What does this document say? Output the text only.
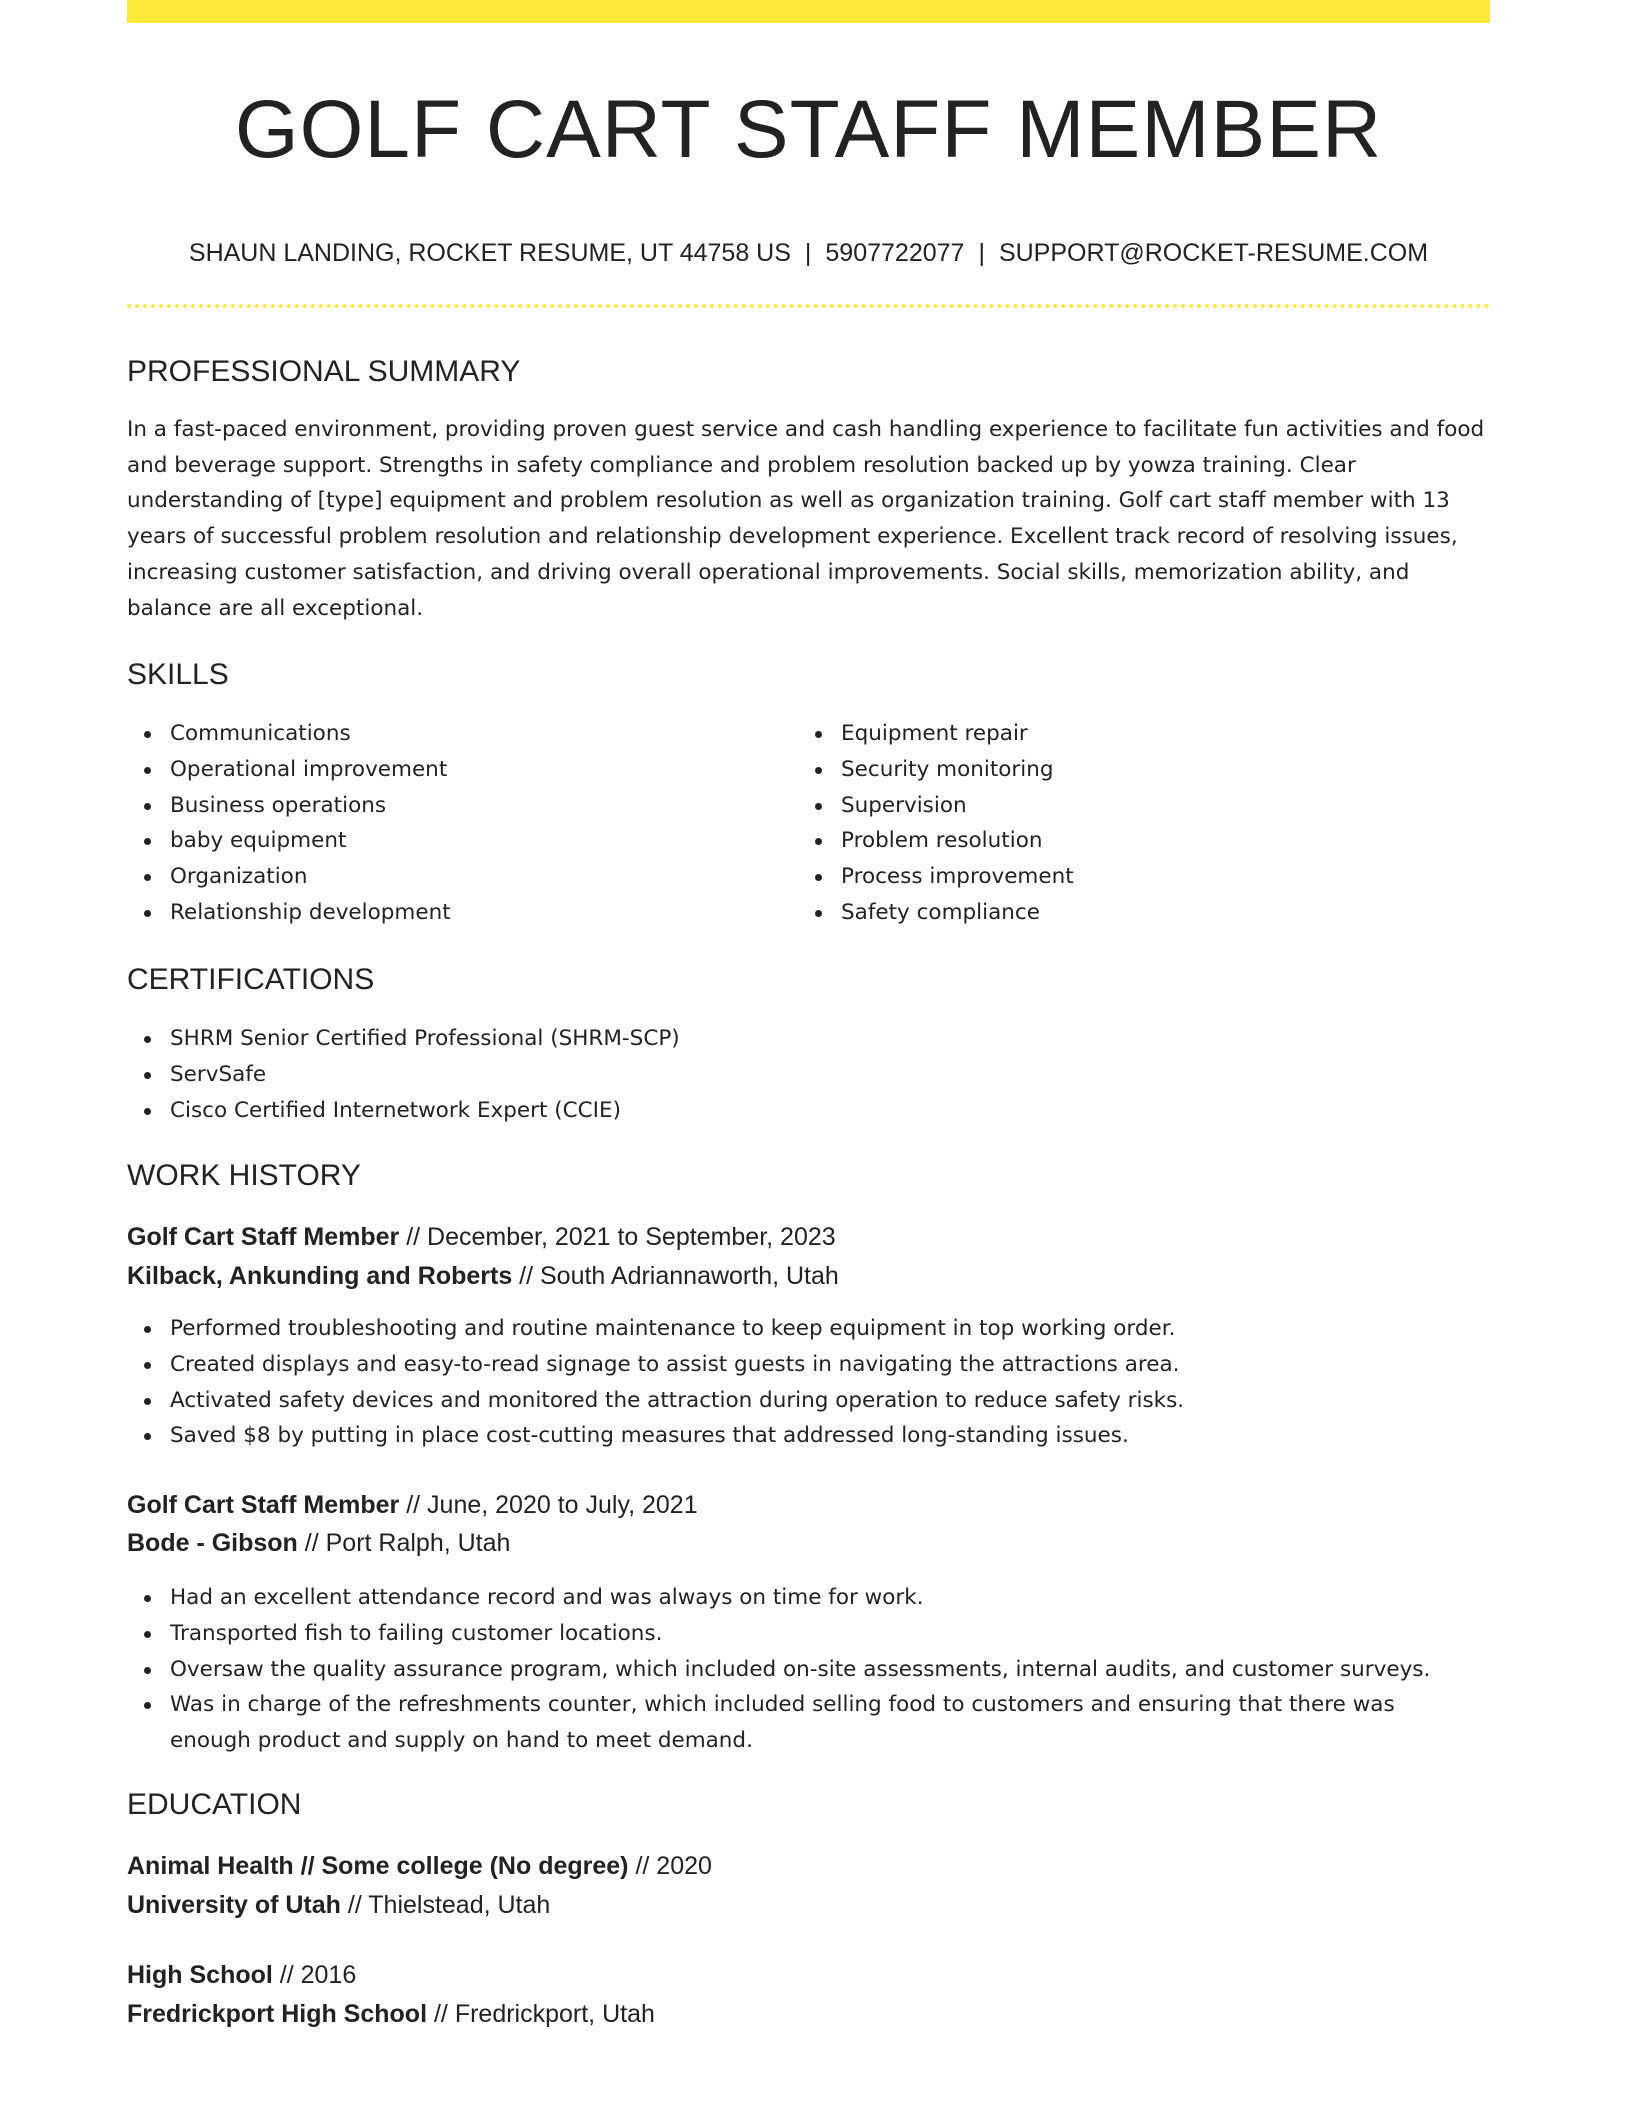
GOLF CART STAFF MEMBER
SHAUN LANDING, ROCKET RESUME, UT 44758 US | 5907722077 | SUPPORT@ROCKET-RESUME.COM
PROFESSIONAL SUMMARY
In a fast-paced environment, providing proven guest service and cash handling experience to facilitate fun activities and food
and beverage support. Strengths in safety compliance and problem resolution backed up by yowza training. Clear
understanding of [type] equipment and problem resolution as well as organization training. Golf cart staff member with 13
years of successful problem resolution and relationship development experience. Excellent track record of resolving issues,
increasing customer satisfaction, and driving overall operational improvements. Social skills, memorization ability, and
balance are all exceptional.
SKILLS
Communications
Operational improvement
Business operations
baby equipment
Organization
Relationship development
Equipment repair
Security monitoring
Supervision
Problem resolution
Process improvement
Safety compliance
CERTIFICATIONS
SHRM Senior Certified Professional (SHRM-SCP)
ServSafe
Cisco Certified Internetwork Expert (CCIE)
WORK HISTORY
Golf Cart Staff Member // December, 2021 to September, 2023
Kilback, Ankunding and Roberts // South Adriannaworth, Utah
Performed troubleshooting and routine maintenance to keep equipment in top working order.
Created displays and easy-to-read signage to assist guests in navigating the attractions area.
Activated safety devices and monitored the attraction during operation to reduce safety risks.
Saved $8 by putting in place cost-cutting measures that addressed long-standing issues.
Golf Cart Staff Member // June, 2020 to July, 2021
Bode - Gibson // Port Ralph, Utah
Had an excellent attendance record and was always on time for work.
Transported fish to failing customer locations.
Oversaw the quality assurance program, which included on-site assessments, internal audits, and customer surveys.
Was in charge of the refreshments counter, which included selling food to customers and ensuring that there was
enough product and supply on hand to meet demand.
EDUCATION
Animal Health // Some college (No degree) // 2020
University of Utah // Thielstead, Utah
High School // 2016
Fredrickport High School // Fredrickport, Utah
